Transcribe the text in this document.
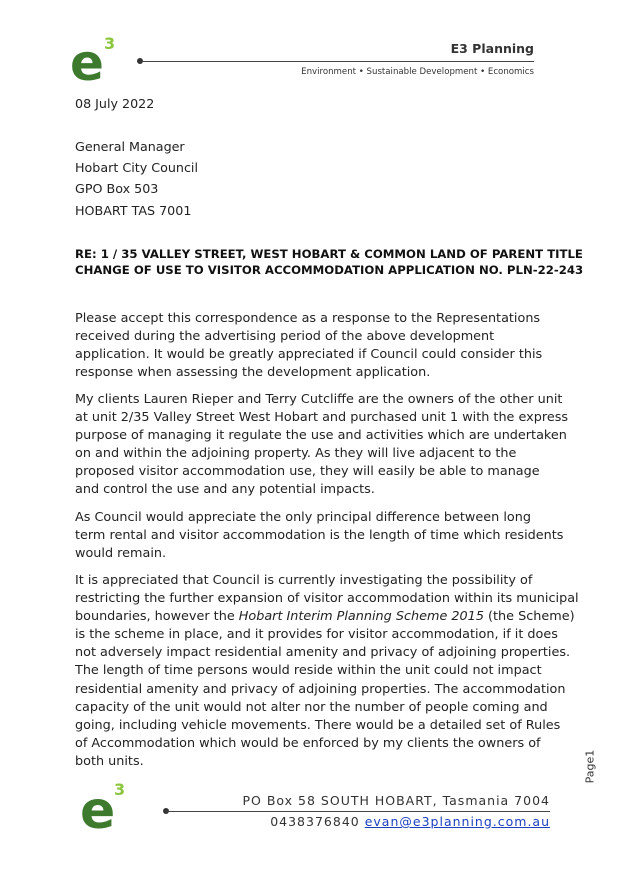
e 3	E3 Planning
Environment • Sustainable Development • Economics
08 July 2022
General Manager
Hobart City Council
GPO Box 503
HOBART TAS 7001
RE: 1 / 35 VALLEY STREET, WEST HOBART & COMMON LAND OF PARENT TITLE
CHANGE OF USE TO VISITOR ACCOMMODATION APPLICATION NO. PLN-22-243
Please accept this correspondence as a response to the Representations
received during the advertising period of the above development
application. It would be greatly appreciated if Council could consider this
response when assessing the development application.
My clients Lauren Rieper and Terry Cutcliffe are the owners of the other unit
at unit 2/35 Valley Street West Hobart and purchased unit 1 with the express
purpose of managing it regulate the use and activities which are undertaken
on and within the adjoining property. As they will live adjacent to the
proposed visitor accommodation use, they will easily be able to manage
and control the use and any potential impacts.
As Council would appreciate the only principal difference between long
term rental and visitor accommodation is the length of time which residents
would remain.
It is appreciated that Council is currently investigating the possibility of
restricting the further expansion of visitor accommodation within its municipal
boundaries, however the Hobart Interim Planning Scheme 2015 (the Scheme)
is the scheme in place, and it provides for visitor accommodation, if it does
not adversely impact residential amenity and privacy of adjoining properties.
The length of time persons would reside within the unit could not impact
residential amenity and privacy of adjoining properties. The accommodation
capacity of the unit would not alter nor the number of people coming and
going, including vehicle movements. There would be a detailed set of Rules
of Accommodation which would be enforced by my clients the owners of
both units.	Page1
e
3
PO Box 58 SOUTH HOBART, Tasmania 7004
0438376840 evan@e3planning.com.au
